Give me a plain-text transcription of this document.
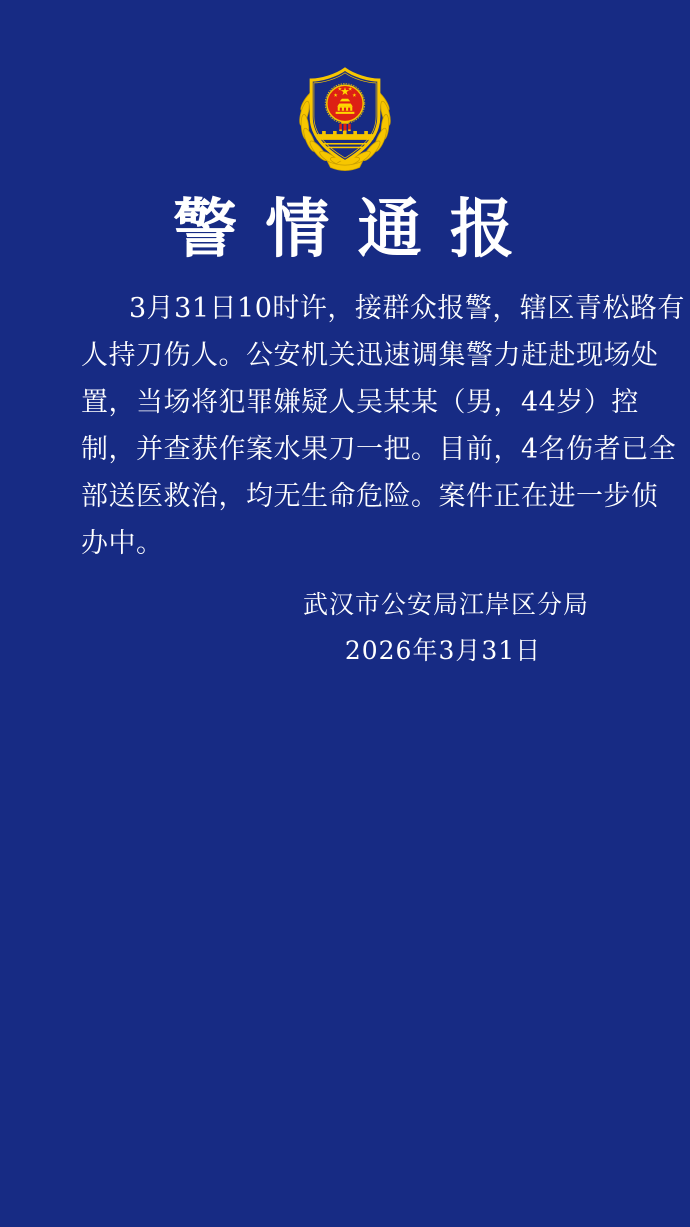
警 情 通 报

3月31日10时许，接群众报警，辖区青松路有

人持刀伤人。公安机关迅速调集警力赶赴现场处

置，当场将犯罪嫌疑人吴某某（男，44岁）控

制，并查获作案水果刀一把。目前，4名伤者已全

部送医救治，均无生命危险。案件正在进一步侦

办中。

武汉市公安局江岸区分局

2026年3月31日
